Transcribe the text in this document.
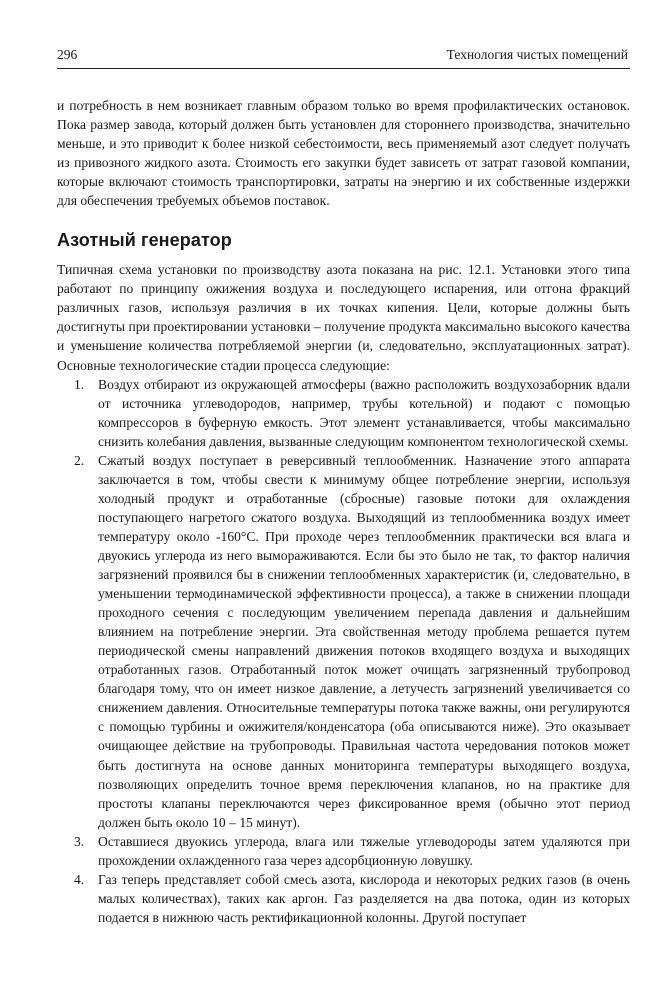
296	Технология чистых помещений

и потребность в нем возникает главным образом только во время профилактических остановок. Пока размер завода, который должен быть установлен для стороннего производства, значительно меньше, и это приводит к более низкой себестоимости, весь применяемый азот следует получать из привозного жидкого азота. Стоимость его закупки будет зависеть от затрат газовой компании, которые включают стоимость транспортировки, затраты на энергию и их собственные издержки для обеспечения требуемых объемов поставок.

Азотный генератор

Типичная схема установки по производству азота показана на рис. 12.1. Установки этого типа работают по принципу ожижения воздуха и последующего испарения, или отгона фракций различных газов, используя различия в их точках кипения. Цели, которые должны быть достигнуты при проектировании установки – получение продукта максимально высокого качества и уменьшение количества потребляемой энергии (и, следовательно, эксплуатационных затрат). Основные технологические стадии процесса следующие:

1. Воздух отбирают из окружающей атмосферы (важно расположить воздухозаборник вдали от источника углеводородов, например, трубы котельной) и подают с помощью компрессоров в буферную емкость. Этот элемент устанавливается, чтобы максимально снизить колебания давления, вызванные следующим компонентом технологической схемы.
2. Сжатый воздух поступает в реверсивный теплообменник. Назначение этого аппарата заключается в том, чтобы свести к минимуму общее потребление энергии, используя холодный продукт и отработанные (сбросные) газовые потоки для охлаждения поступающего нагретого сжатого воздуха. Выходящий из теплообменника воздух имеет температуру около -160°С. При проходе через теплообменник практически вся влага и двуокись углерода из него вымораживаются. Если бы это было не так, то фактор наличия загрязнений проявился бы в снижении теплообменных характеристик (и, следовательно, в уменьшении термодинамической эффективности процесса), а также в снижении площади проходного сечения с последующим увеличением перепада давления и дальнейшим влиянием на потребление энергии. Эта свойственная методу проблема решается путем периодической смены направлений движения потоков входящего воздуха и выходящих отработанных газов. Отработанный поток может очищать загрязненный трубопровод благодаря тому, что он имеет низкое давление, а летучесть загрязнений увеличивается со снижением давления. Относительные температуры потока также важны, они регулируются с помощью турбины и ожижителя/конденсатора (оба описываются ниже). Это оказывает очищающее действие на трубопроводы. Правильная частота чередования потоков может быть достигнута на основе данных мониторинга температуры выходящего воздуха, позволяющих определить точное время переключения клапанов, но на практике для простоты клапаны переключаются через фиксированное время (обычно этот период должен быть около 10 – 15 минут).
3. Оставшиеся двуокись углерода, влага или тяжелые углеводороды затем удаляются при прохождении охлажденного газа через адсорбционную ловушку.
4. Газ теперь представляет собой смесь азота, кислорода и некоторых редких газов (в очень малых количествах), таких как аргон. Газ разделяется на два потока, один из которых подается в нижнюю часть ректификационной колонны. Другой поступает
